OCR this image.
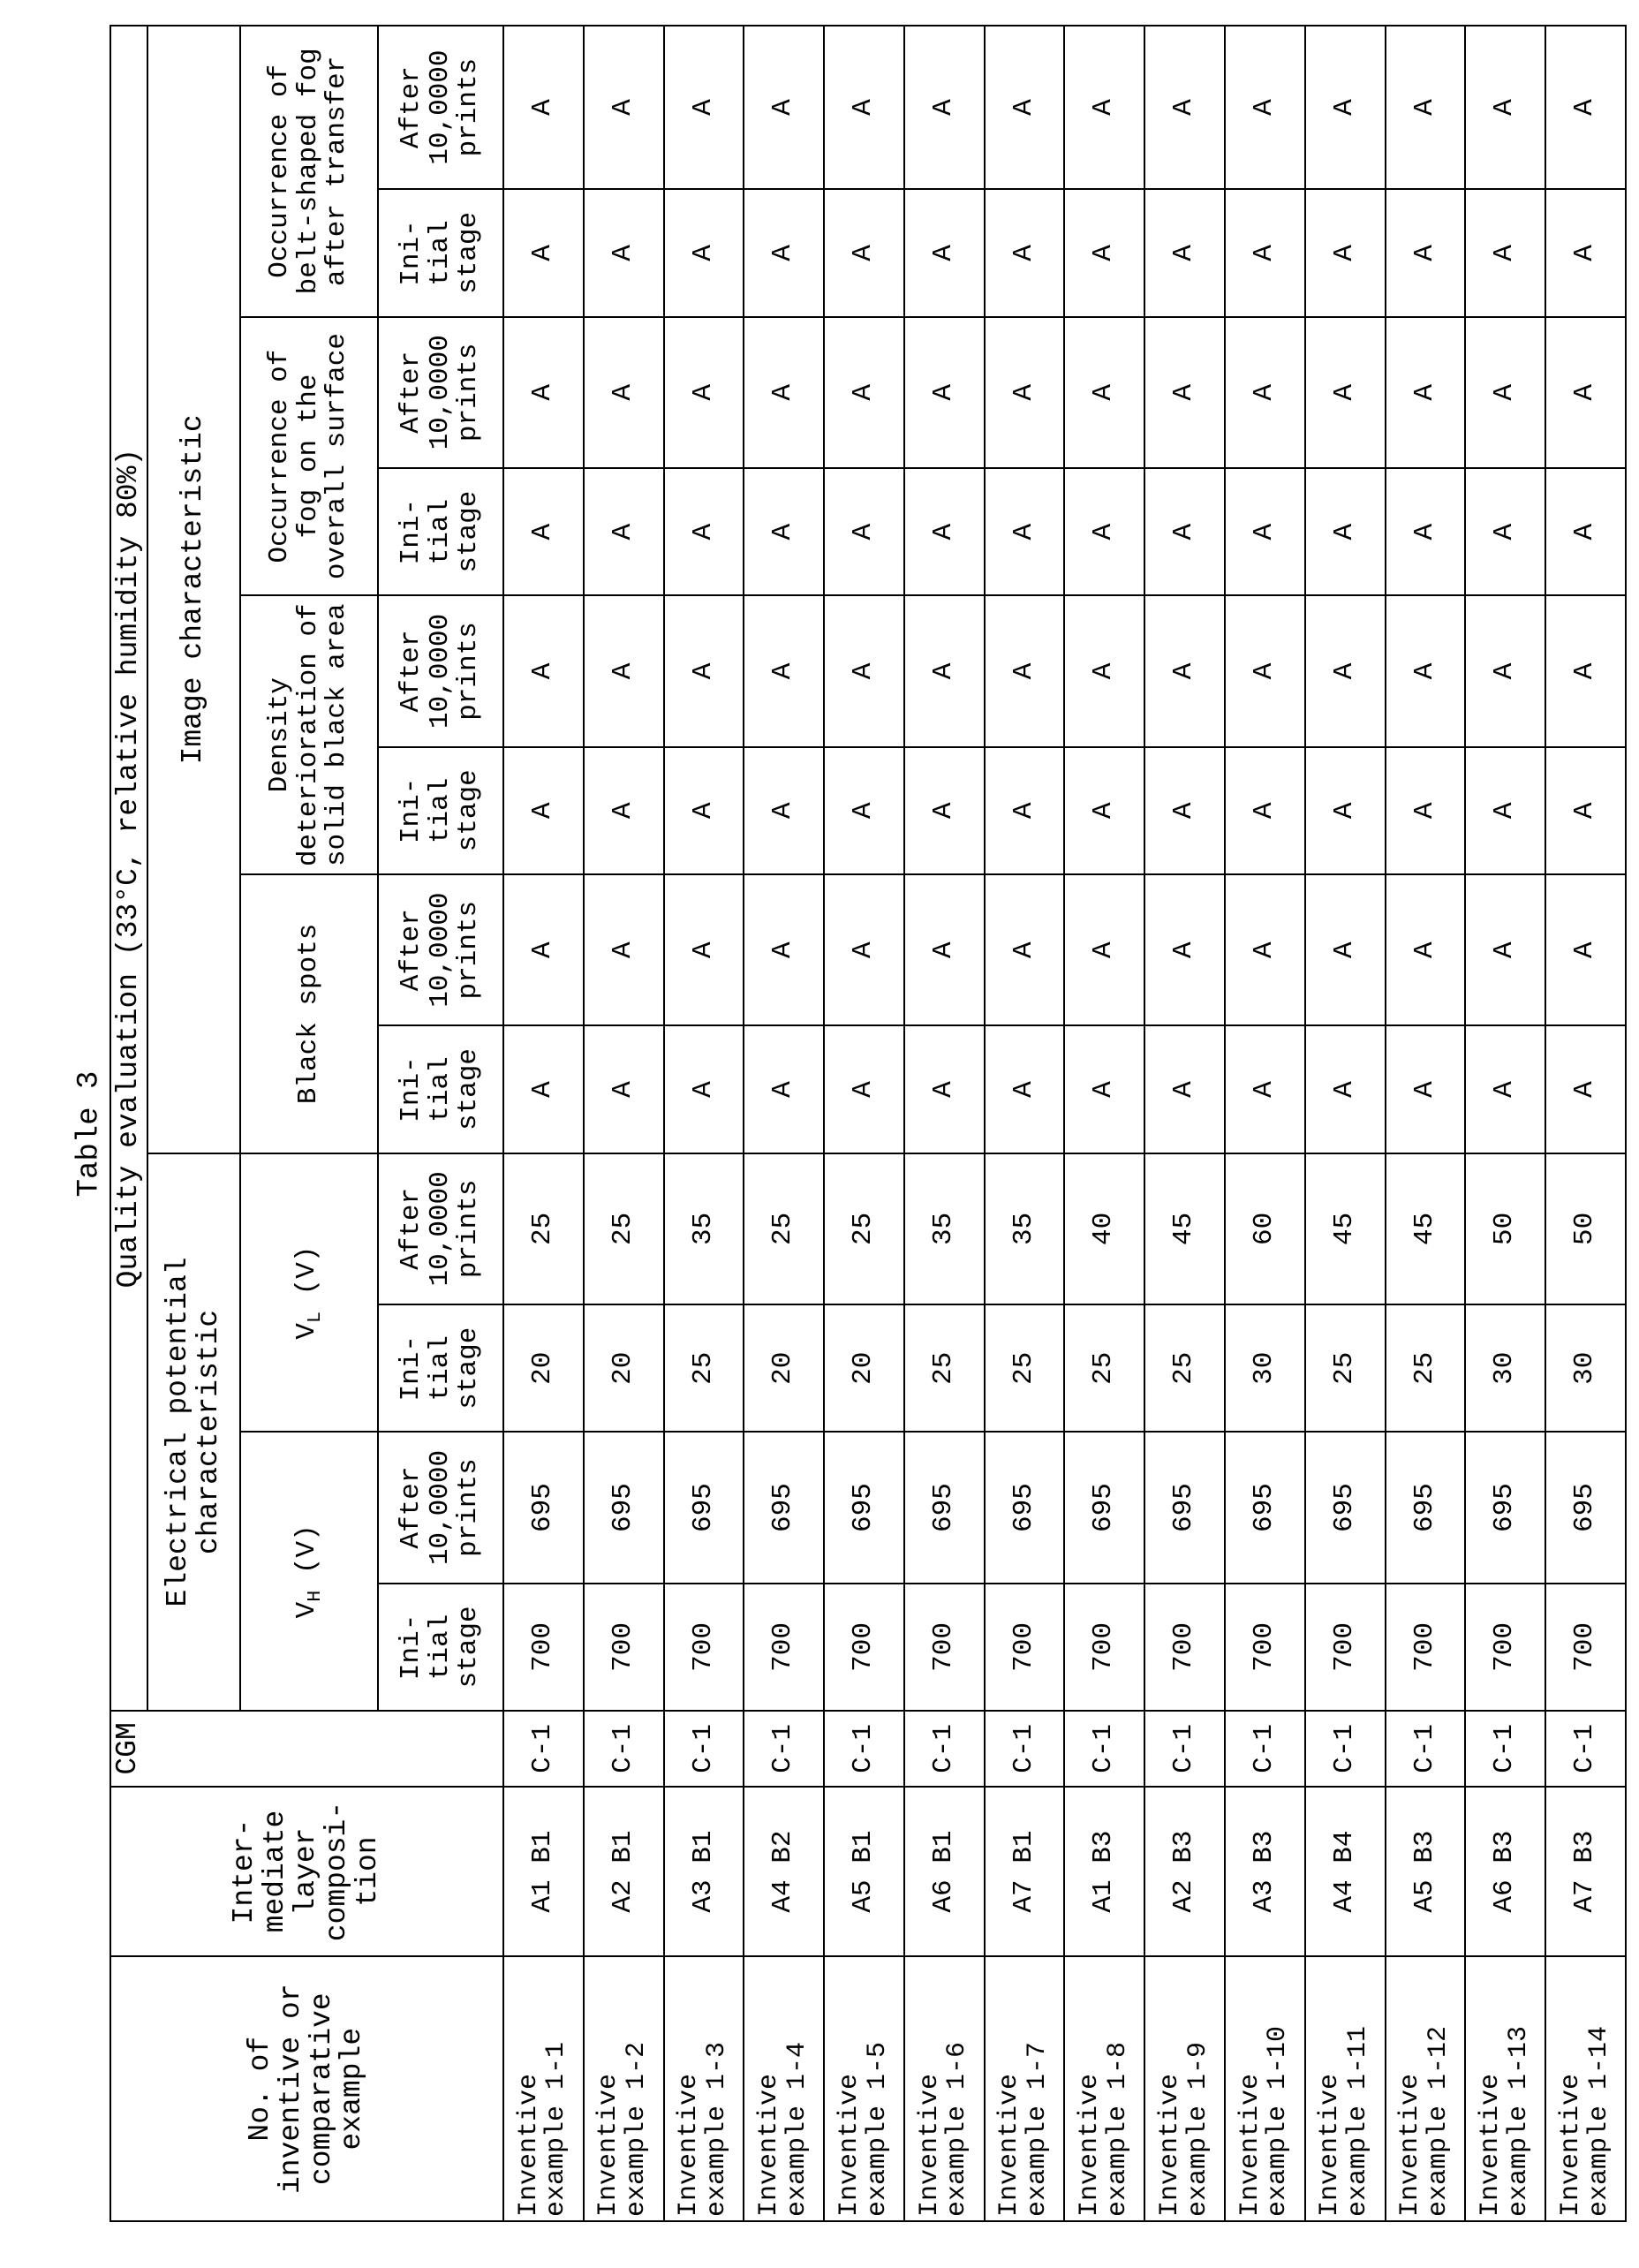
Table 3
No. of inventive or comparative example	Inter-
mediate
layer
composi-
tion	CGM	Quality evaluation (33°C, relative humidity 80%)
Electrical potential characteristic	Image characteristic
VH (V)	VL (V)	Black spots	Density deterioration of solid black area	Occurrence of fog on the overall surface	Occurrence of belt-shaped fog after transfer
Ini-
tial
stage	After
10,0000
prints	Ini-
tial
stage	After
10,0000
prints	Ini-
tial
stage	After
10,0000
prints	Ini-
tial
stage	After
10,0000
prints	Ini-
tial
stage	After
10,0000
prints	Ini-
tial
stage	After
10,0000
prints
Inventive
example 1-1	A1 B1	C-1	700	695	20	25	A	A	A	A	A	A	A	A
Inventive
example 1-2	A2 B1	C-1	700	695	20	25	A	A	A	A	A	A	A	A
Inventive
example 1-3	A3 B1	C-1	700	695	25	35	A	A	A	A	A	A	A	A
Inventive
example 1-4	A4 B2	C-1	700	695	20	25	A	A	A	A	A	A	A	A
Inventive
example 1-5	A5 B1	C-1	700	695	20	25	A	A	A	A	A	A	A	A
Inventive
example 1-6	A6 B1	C-1	700	695	25	35	A	A	A	A	A	A	A	A
Inventive
example 1-7	A7 B1	C-1	700	695	25	35	A	A	A	A	A	A	A	A
Inventive
example 1-8	A1 B3	C-1	700	695	25	40	A	A	A	A	A	A	A	A
Inventive
example 1-9	A2 B3	C-1	700	695	25	45	A	A	A	A	A	A	A	A
Inventive
example 1-10	A3 B3	C-1	700	695	30	60	A	A	A	A	A	A	A	A
Inventive
example 1-11	A4 B4	C-1	700	695	25	45	A	A	A	A	A	A	A	A
Inventive
example 1-12	A5 B3	C-1	700	695	25	45	A	A	A	A	A	A	A	A
Inventive
example 1-13	A6 B3	C-1	700	695	30	50	A	A	A	A	A	A	A	A
Inventive
example 1-14	A7 B3	C-1	700	695	30	50	A	A	A	A	A	A	A	A
